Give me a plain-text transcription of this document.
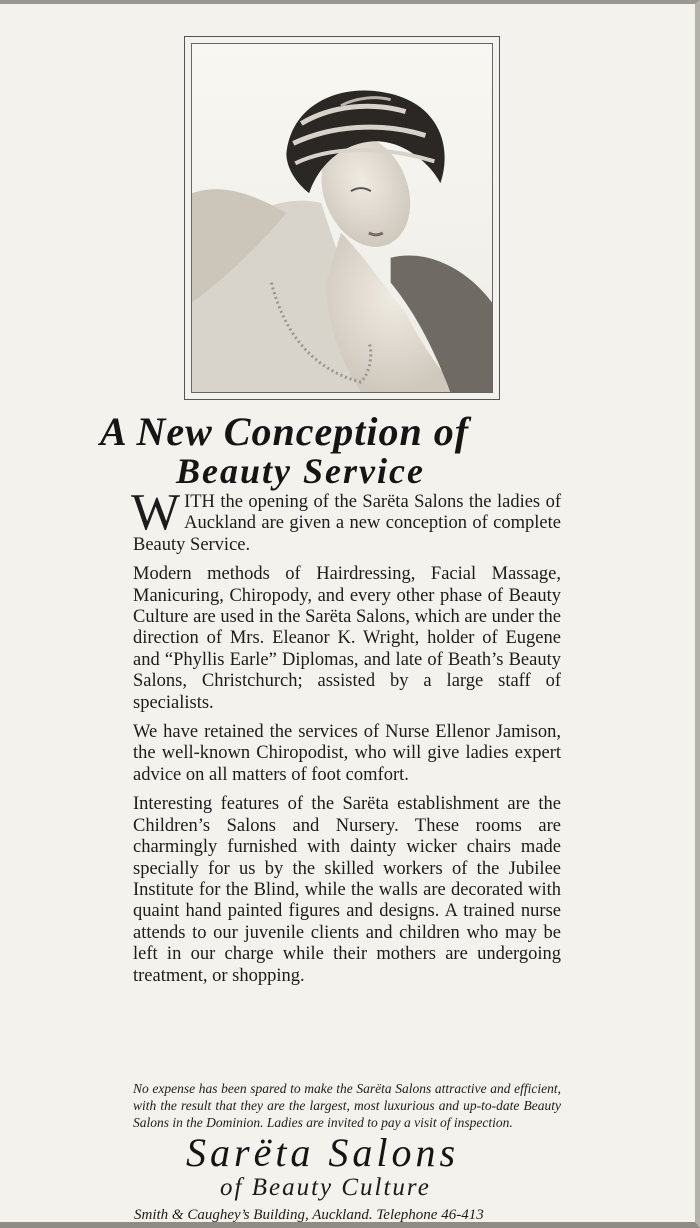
A New Conception of
Beauty Service

WITH the opening of the Sarëta Salons the ladies of Auckland are given a new conception of complete Beauty Service.

Modern methods of Hairdressing, Facial Massage, Manicuring, Chiropody, and every other phase of Beauty Culture are used in the Sarëta Salons, which are under the direction of Mrs. Eleanor K. Wright, holder of Eugene and “Phyllis Earle” Diplomas, and late of Beath’s Beauty Salons, Christchurch; assisted by a large staff of specialists.

We have retained the services of Nurse Ellenor Jamison, the well-known Chiropodist, who will give ladies expert advice on all matters of foot comfort.

Interesting features of the Sarëta establishment are the Children’s Salons and Nursery. These rooms are charmingly furnished with dainty wicker chairs made specially for us by the skilled workers of the Jubilee Institute for the Blind, while the walls are decorated with quaint hand painted figures and designs. A trained nurse attends to our juvenile clients and children who may be left in our charge while their mothers are undergoing treatment, or shopping.

No expense has been spared to make the Sarëta Salons attractive and efficient, with the result that they are the largest, most luxurious and up-to-date Beauty Salons in the Dominion. Ladies are invited to pay a visit of inspection.
Sarëta Salons
of Beauty Culture
Smith & Caughey’s Building, Auckland. Telephone 46-413
